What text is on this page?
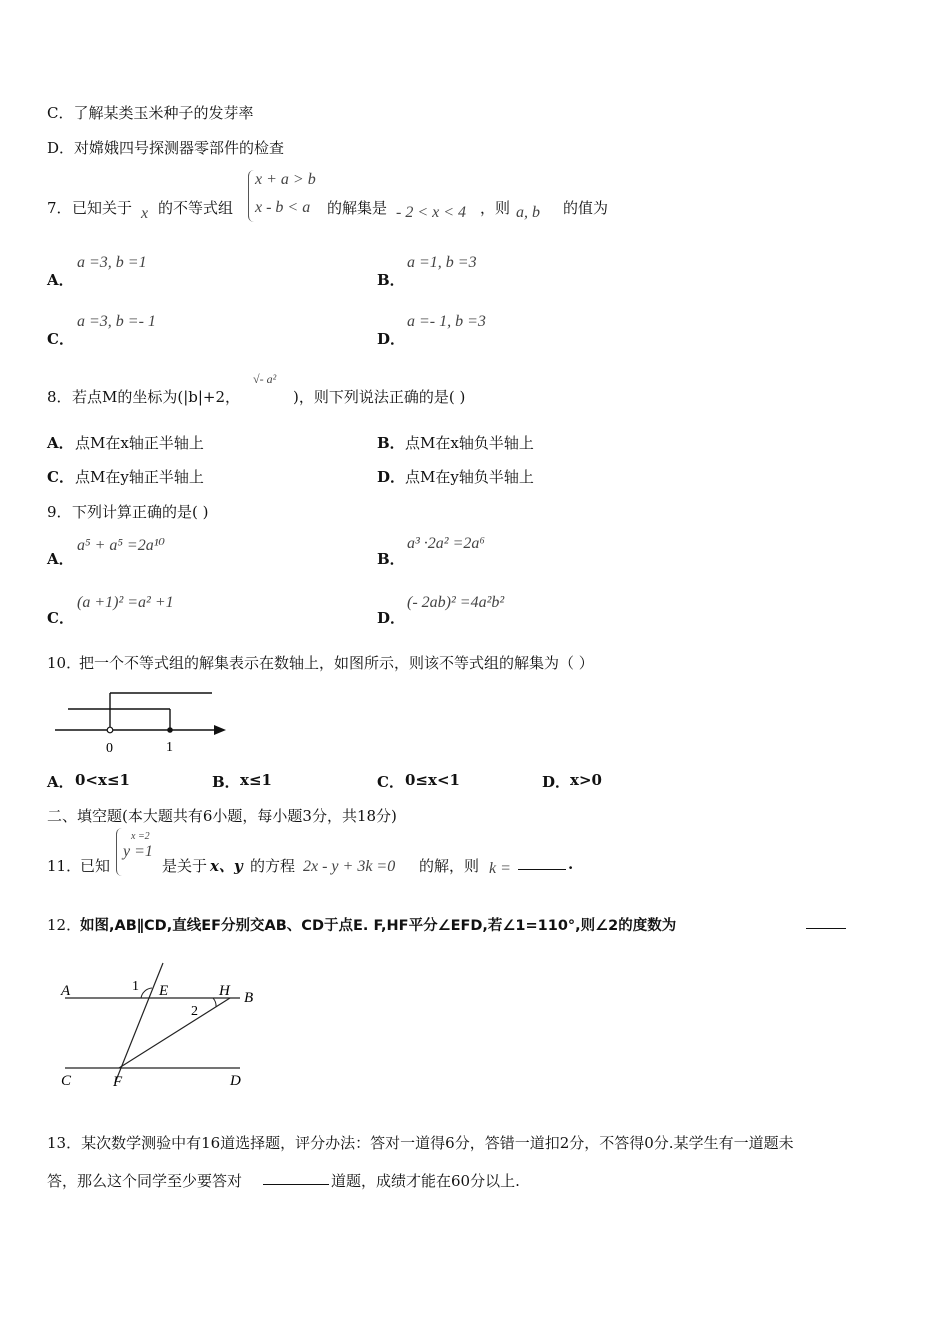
C．了解某类玉米种子的发芽率
D．对嫦娥四号探测器零部件的检查
7． 已知关于 x 的不等式组
x + a > b
x - b < a 的解集是 - 2 < x < 4 ，则 a, b 的值为
A．
a =3, b =1
B．
a =1, b =3
C．
a =3, b =- 1
D．
a =- 1, b =3
8． 若点M的坐标为(|b|+2，
√- a²
)，则下列说法正确的是( )
A． 点M在x轴正半轴上	B． 点M在x轴负半轴上
C． 点M在y轴正半轴上	D． 点M在y轴负半轴上
9． 下列计算正确的是( )
A．
a⁵ + a⁵ =2a¹⁰
B．
a³ ·2a² =2a⁶
C．
(a +1)² =a² +1
D．
(- 2ab)² =4a²b²
10．
把一个不等式组的解集表示在数轴上，如图所示，则该不等式组的解集为（ ）
0	1
A． 0<x≤1	B． x≤1	C． 0≤x<1	D． x>0
二、填空题(本大题共有6小题，每小题3分，共18分)
11．
已知
x =2
y =1
是关于 x、y 的方程 2x - y + 3k =0 的解，则 k =	.
12．
如图,AB∥CD,直线EF分别交AB、CD于点E. F,HF平分∠EFD,若∠1=110°,则∠2的度数为
A	1 E	H B
2
C	F	D
13．某次数学测验中有16道选择题，评分办法：答对一道得6分，答错一道扣2分，不答得0分.某学生有一道题未
答，那么这个同学至少要答对	道题，成绩才能在60分以上.
